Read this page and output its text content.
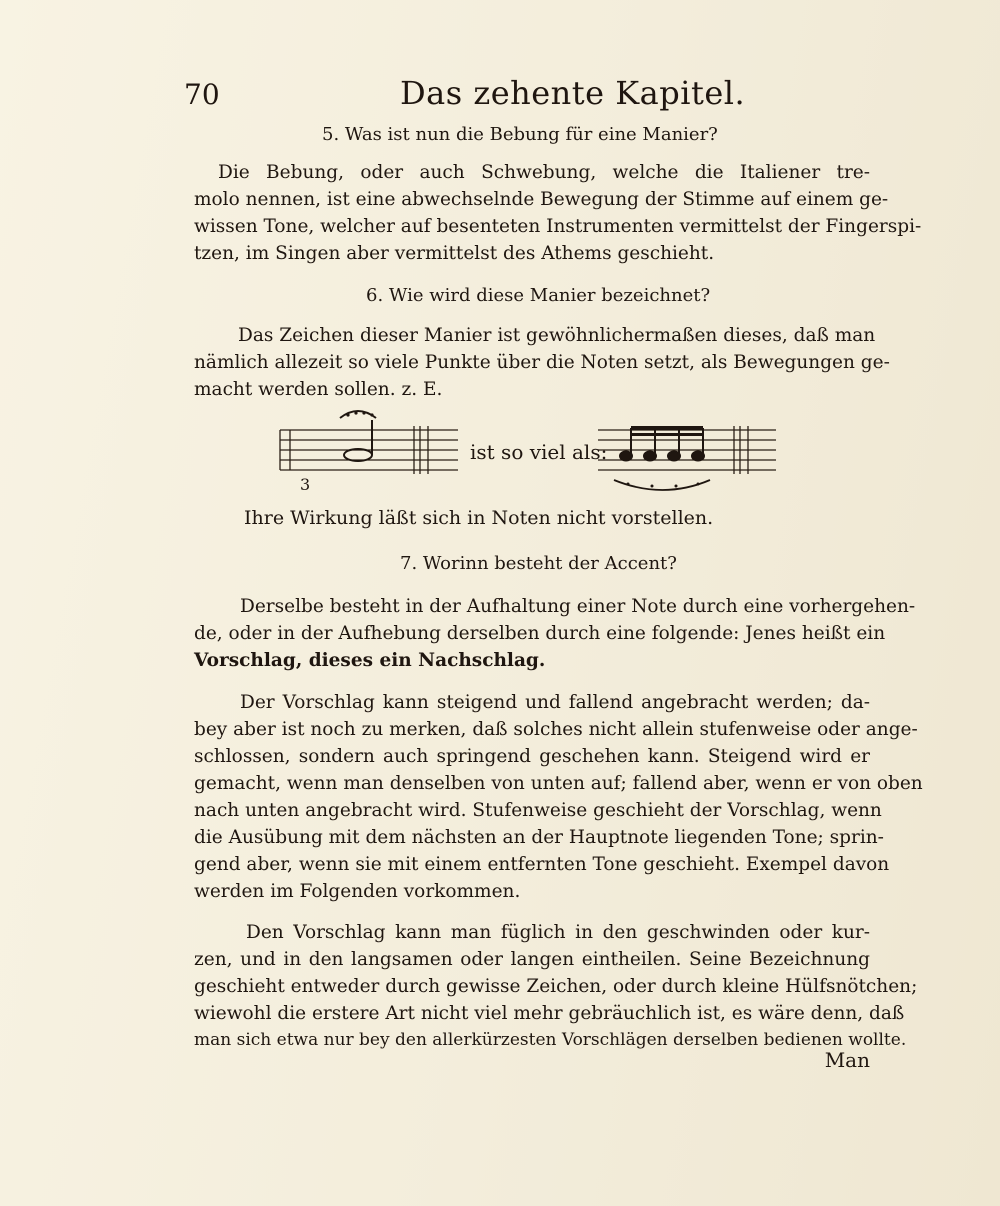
70	Das zehente Kapitel.
5. Was ist nun die Bebung für eine Manier?
Die Bebung, oder auch Schwebung, welche die Italiener tre-
molo nennen, ist eine abwechselnde Bewegung der Stimme auf einem ge-
wissen Tone, welcher auf besenteten Instrumenten vermittelst der Fingerspi-
tzen, im Singen aber vermittelst des Athems geschieht.
6. Wie wird diese Manier bezeichnet?
Das Zeichen dieser Manier ist gewöhnlichermaßen dieses, daß man
nämlich allezeit so viele Punkte über die Noten setzt, als Bewegungen ge-
macht werden sollen. z. E.
3
ist so viel als:
Ihre Wirkung läßt sich in Noten nicht vorstellen.
7. Worinn besteht der Accent?
Derselbe besteht in der Aufhaltung einer Note durch eine vorhergehen-
de, oder in der Aufhebung derselben durch eine folgende: Jenes heißt ein
Vorschlag, dieses ein Nachschlag.
Der Vorschlag kann steigend und fallend angebracht werden; da-
bey aber ist noch zu merken, daß solches nicht allein stufenweise oder ange-
schlossen, sondern auch springend geschehen kann. Steigend wird er
gemacht, wenn man denselben von unten auf; fallend aber, wenn er von oben
nach unten angebracht wird. Stufenweise geschieht der Vorschlag, wenn
die Ausübung mit dem nächsten an der Hauptnote liegenden Tone; sprin-
gend aber, wenn sie mit einem entfernten Tone geschieht. Exempel davon
werden im Folgenden vorkommen.
Den Vorschlag kann man füglich in den geschwinden oder kur-
zen, und in den langsamen oder langen eintheilen. Seine Bezeichnung
geschieht entweder durch gewisse Zeichen, oder durch kleine Hülfsnötchen;
wiewohl die erstere Art nicht viel mehr gebräuchlich ist, es wäre denn, daß
man sich etwa nur bey den allerkürzesten Vorschlägen derselben bedienen wollte.
Man
